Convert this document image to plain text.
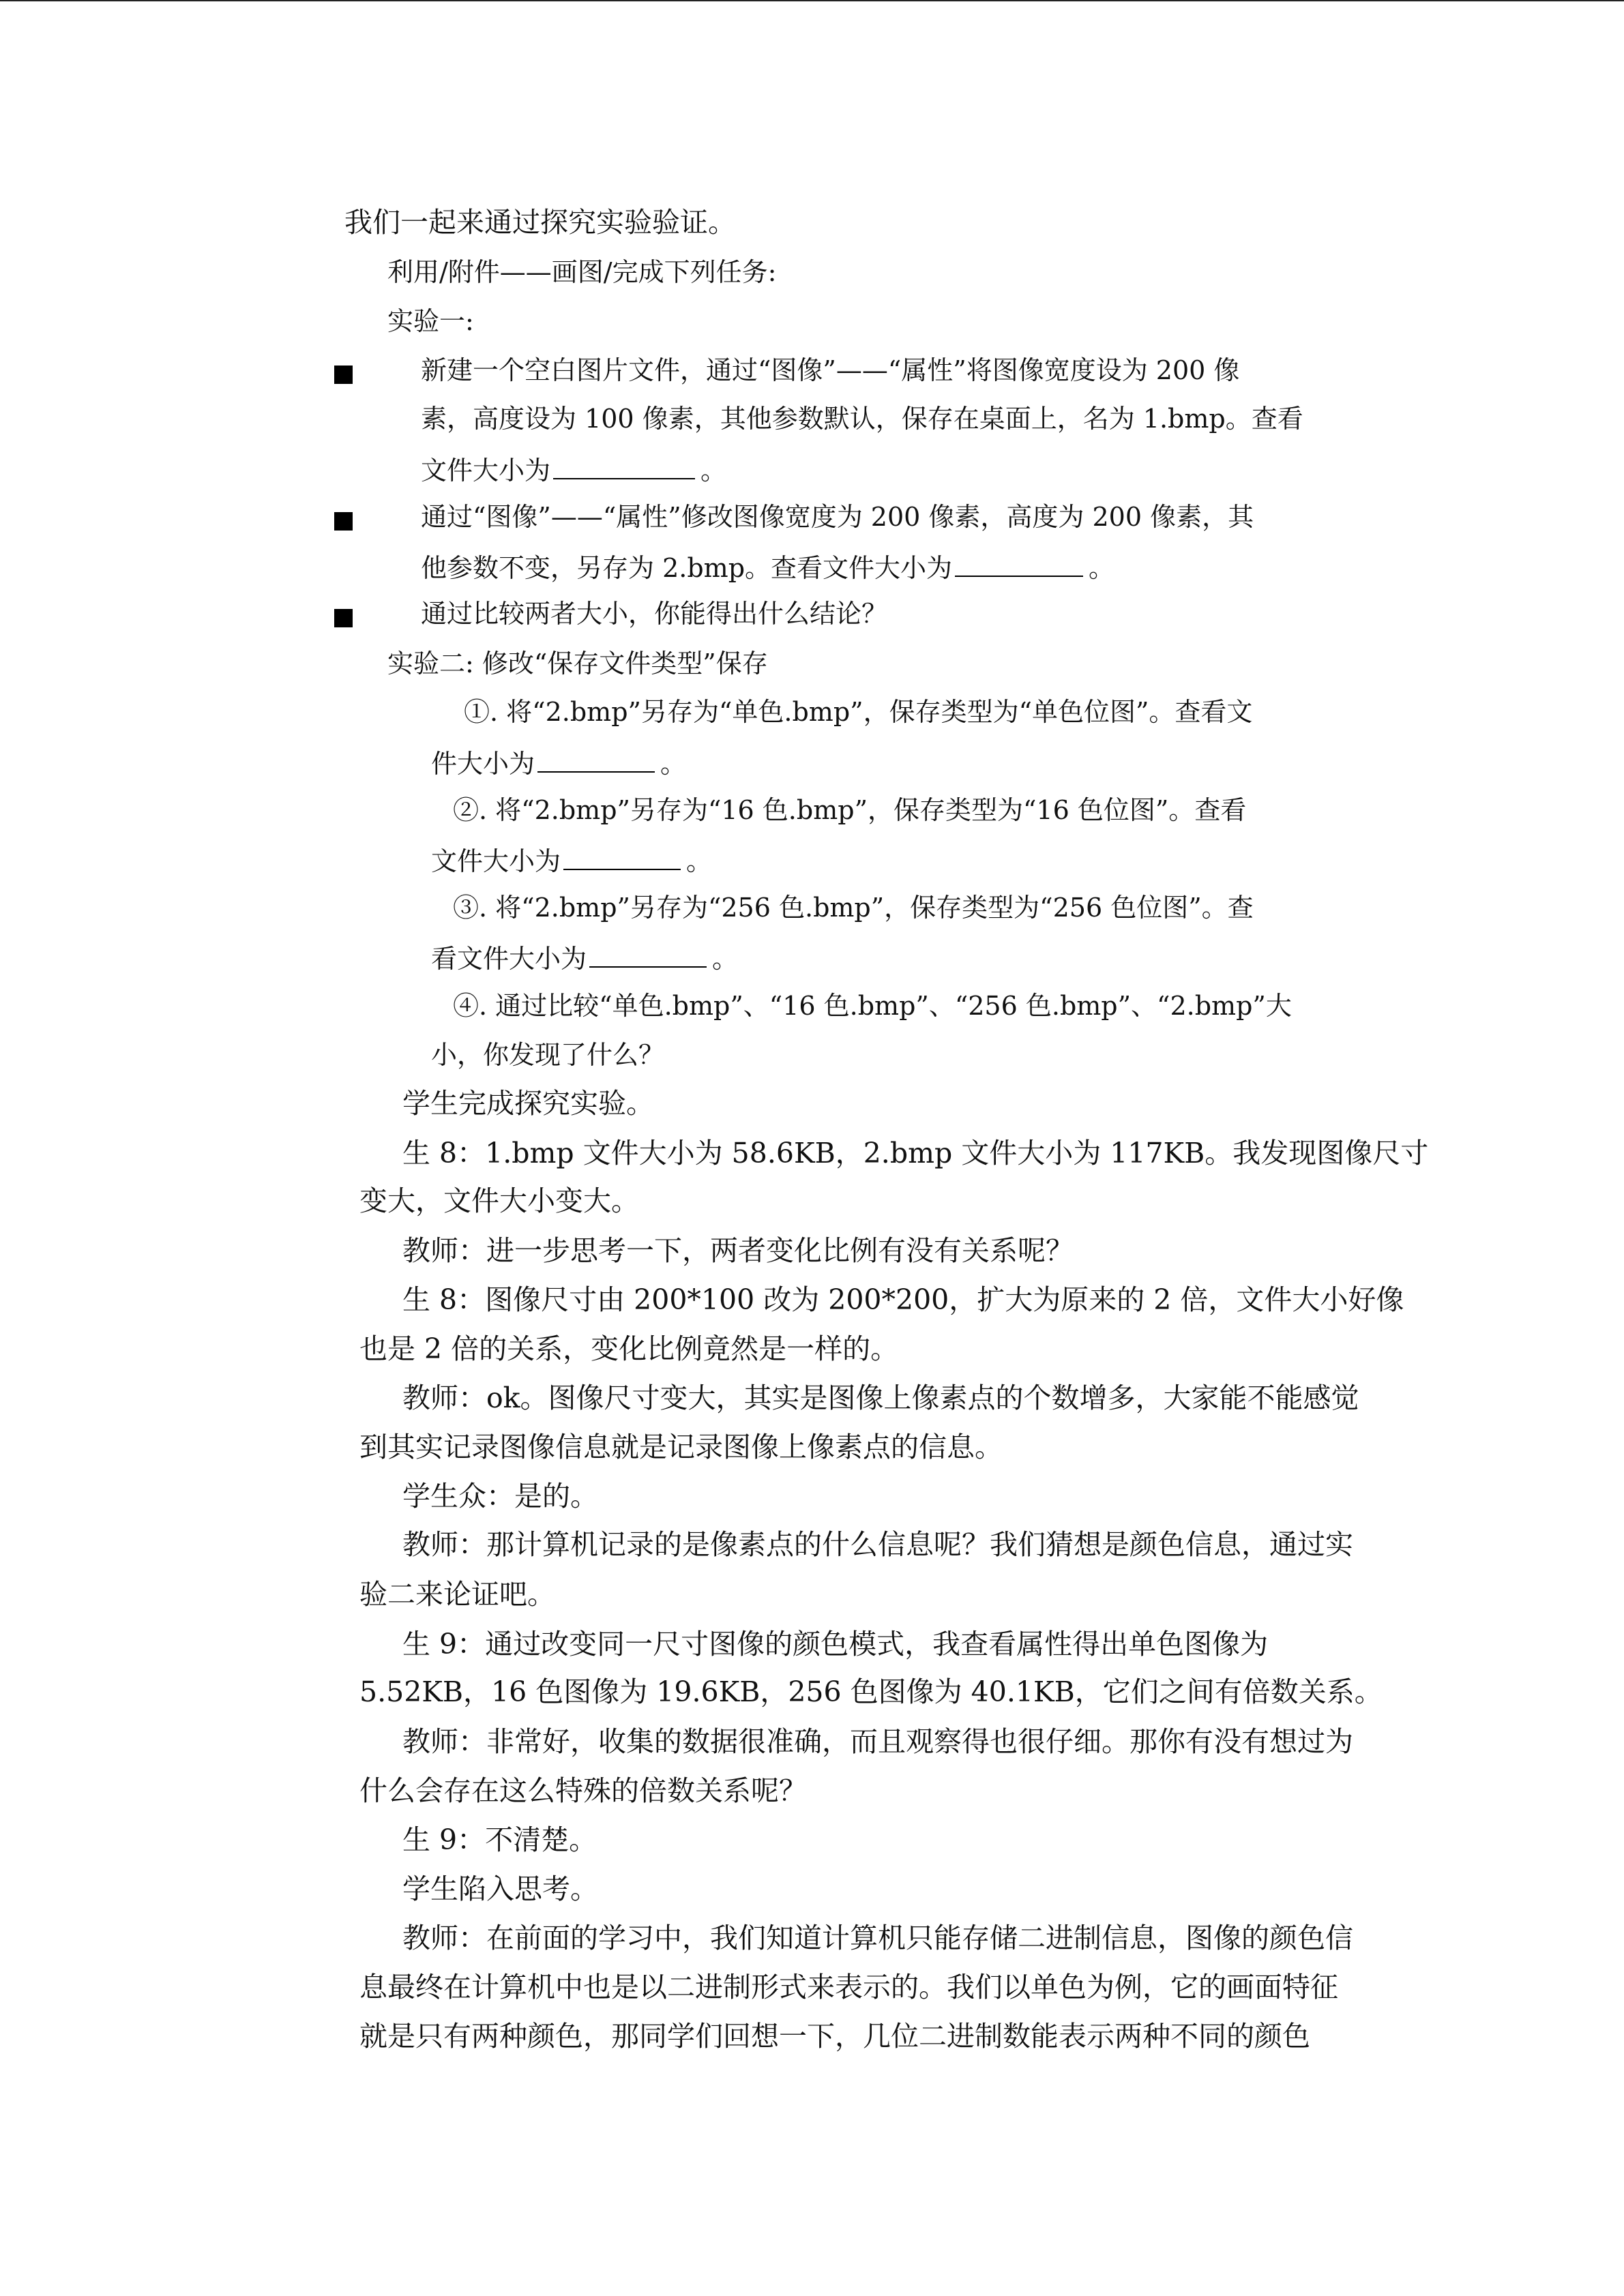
我们一起来通过探究实验验证。
利用/附件——画图/完成下列任务:
实验一:
新建一个空白图片文件，通过“图像”——“属性”将图像宽度设为 200 像
素，高度设为 100 像素，其他参数默认，保存在桌面上，名为 1.bmp。查看
文件大小为	。
通过“图像”——“属性”修改图像宽度为 200 像素，高度为 200 像素，其
他参数不变，另存为 2.bmp。查看文件大小为	。
通过比较两者大小，你能得出什么结论？
实验二: 修改“保存文件类型”保存
①. 将“2.bmp”另存为“单色.bmp”，保存类型为“单色位图”。查看文
件大小为	。
②. 将“2.bmp”另存为“16 色.bmp”，保存类型为“16 色位图”。查看
文件大小为	。
③. 将“2.bmp”另存为“256 色.bmp”，保存类型为“256 色位图”。查
看文件大小为	。
④. 通过比较“单色.bmp”、“16 色.bmp”、“256 色.bmp”、“2.bmp”大
小，你发现了什么？
学生完成探究实验。
生 8：1.bmp 文件大小为 58.6KB，2.bmp 文件大小为 117KB。我发现图像尺寸
变大，文件大小变大。
教师：进一步思考一下，两者变化比例有没有关系呢？
生 8：图像尺寸由 200*100 改为 200*200，扩大为原来的 2 倍，文件大小好像
也是 2 倍的关系，变化比例竟然是一样的。
教师：ok。图像尺寸变大，其实是图像上像素点的个数增多，大家能不能感觉
到其实记录图像信息就是记录图像上像素点的信息。
学生众：是的。
教师：那计算机记录的是像素点的什么信息呢？我们猜想是颜色信息，通过实
验二来论证吧。
生 9：通过改变同一尺寸图像的颜色模式，我查看属性得出单色图像为
5.52KB，16 色图像为 19.6KB，256 色图像为 40.1KB，它们之间有倍数关系。
教师：非常好，收集的数据很准确，而且观察得也很仔细。那你有没有想过为
什么会存在这么特殊的倍数关系呢？
生 9：不清楚。
学生陷入思考。
教师：在前面的学习中，我们知道计算机只能存储二进制信息，图像的颜色信
息最终在计算机中也是以二进制形式来表示的。我们以单色为例，它的画面特征
就是只有两种颜色，那同学们回想一下，几位二进制数能表示两种不同的颜色
